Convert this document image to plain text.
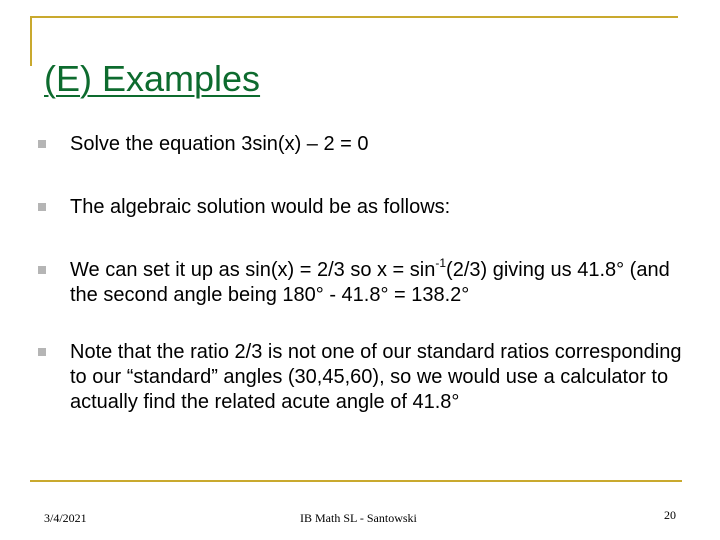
(E) Examples
Solve the equation 3sin(x) – 2 = 0
The algebraic solution would be as follows:
We can set it up as sin(x) = 2/3 so $x = \sin^{-1}(2/3)$ giving us 41.8° (and the second angle being 180° - 41.8° = 138.2°
Note that the ratio 2/3 is not one of our standard ratios corresponding to our “standard” angles (30,45,60), so we would use a calculator to actually find the related acute angle of 41.8°
3/4/2021	IB Math SL - Santowski	20
